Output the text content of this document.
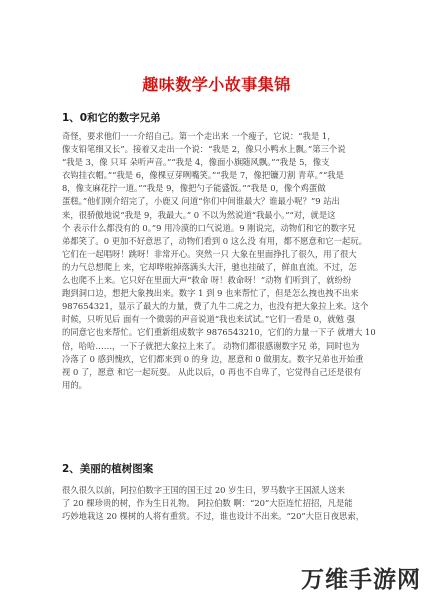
趣味数学小故事集锦
1、0和它的数字兄弟
奇怪，要求他们一一介绍自己。第一个走出来 一个瘦子，它说：“我是 1，
像支铅笔细又长”。接着又走出一个说：“我是 2，像只小鸭水上飘。”第三个说
“我是 3，像 只耳 朵听声音。”“我是 4，像面小旗随风飘。”“我是 5，像支
衣钩挂衣帽。”“我是 6，像棵豆芽咧嘴笑。”“我是 7，像把镰刀割 青草。”“我是
8，像支麻花拧一道。”“我是 9，像把勺子能盛饭。”“我是 0，像个鸡蛋做
蛋糕。”他们刚介绍完了，小鹿又 问道“你们中间谁最大？谁最小呢？”9 站出
来，很骄傲地说“我是 9，我最大。” 0 不以为然说道“我最小。”“对，就是这
个 表示什么都没有的 0。”9 用冷漠的口气说道。9 刚说完，动物们和它的数字兄
弟都笑了。0 更加不好意思了，动物们看到 0 这么没 有用，都不愿意和它一起玩。
它们在一起唱呀！跳呀！非常开心。突然一只 大象在里面挣扎了很久，用了很大
的力气总想爬上 来，它却哗啦掉落满头大汗，驰也挂破了，鲜血直流。不过，怎
么也爬不上来。它只好在里面大声“救命 呀！救命呀！”动物 们听到了，就纷纷
跑到洞口边，想把大象拽出来。数字 1 到 9 也来帮忙了，但是怎么拽也拽不出来
987654321，显示了最大的力量，费了九牛二虎之力，也没有把大象拉上来。这个
时候，只听见后 面有一个微弱的声音说道“我也来试试。”它们一看是 0，就勉 强
的同意它也来帮忙。它们重新组成数字 9876543210，它们的力量一下子 就增大 10
倍，哈哈……，一下子就把大象拉上来了。 动物们都很感谢数字兄 弟，同时也为
冷落了 0 感到愧疚，它们都来到 0 的身 边，愿意和 0 做朋友。数字兄弟也开始重
视 0 了，愿意 和它一起玩耍。 从此以后，0 再也不自卑了，它觉得自己还是很有
用的。
2、美丽的植树图案
很久很久以前，阿拉伯数字王国的国王过 20 岁生日，罗马数字王国派人送来
了 20 棵珍贵的树，作为生日礼物。 阿拉伯数 啊：“20”大臣连忙招招，凡是能
巧妙地栽这 20 棵树的人将有重赏。不过，谁也设计不出来。“20”大臣日夜思索，
万维手游网
